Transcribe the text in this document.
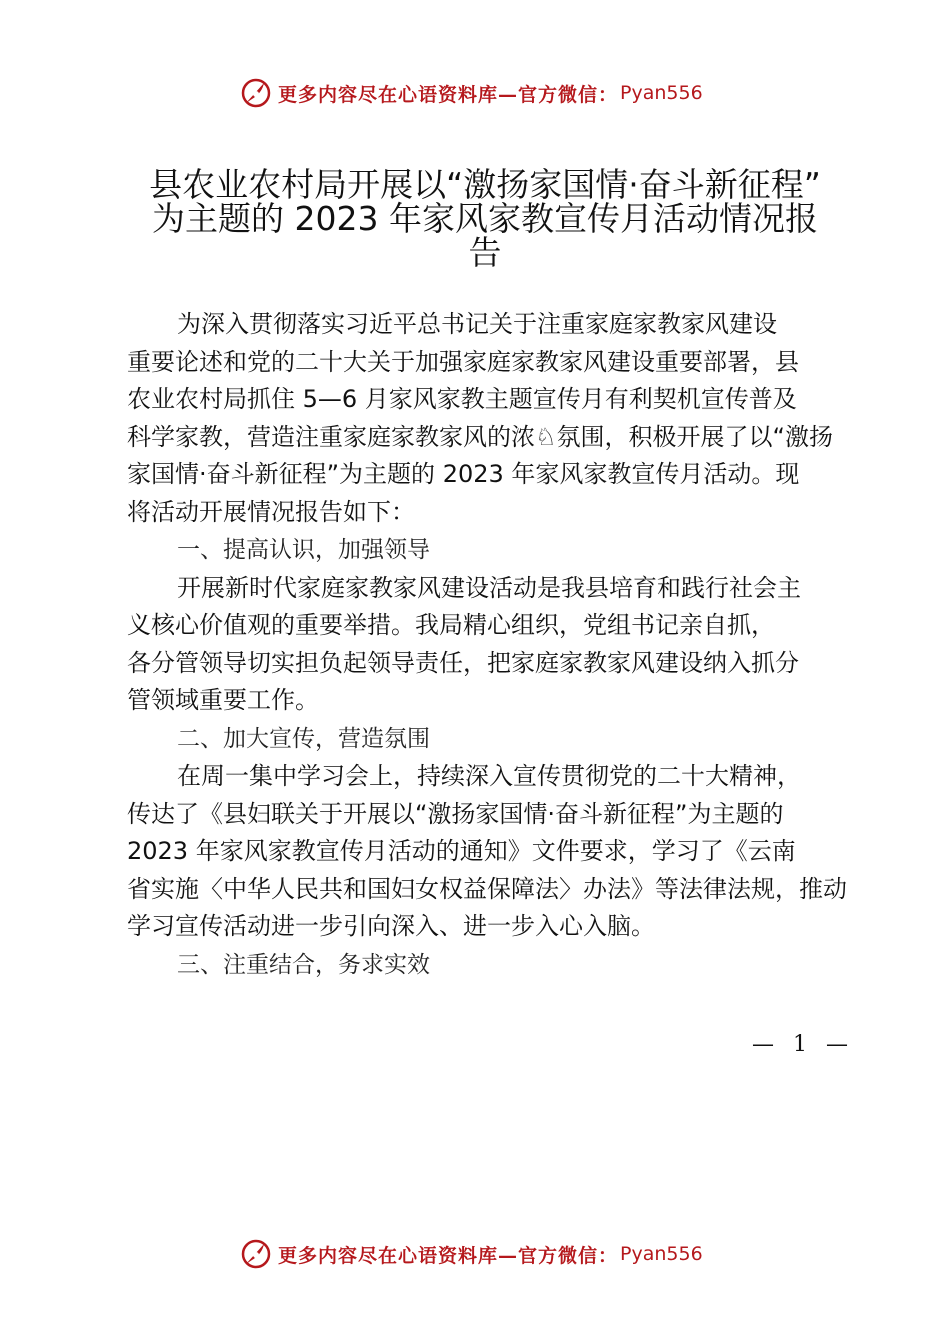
更多内容尽在心语资料库—官方微信： Pyan556
县农业农村局开展以“激扬家国情·奋斗新征程”
为主题的 2023 年家风家教宣传月活动情况报
告
为深入贯彻落实习近平总书记关于注重家庭家教家风建设
重要论述和党的二十大关于加强家庭家教家风建设重要部署，县
农业农村局抓住 5—6 月家风家教主题宣传月有利契机宣传普及
科学家教，营造注重家庭家教家风的浓♘氛围，积极开展了以“激扬
家国情·奋斗新征程”为主题的 2023 年家风家教宣传月活动。现
将活动开展情况报告如下：
一、提高认识，加强领导
开展新时代家庭家教家风建设活动是我县培育和践行社会主
义核心价值观的重要举措。我局精心组织，党组书记亲自抓，
各分管领导切实担负起领导责任，把家庭家教家风建设纳入抓分
管领域重要工作。
二、加大宣传，营造氛围
在周一集中学习会上，持续深入宣传贯彻党的二十大精神，
传达了《县妇联关于开展以“激扬家国情·奋斗新征程”为主题的
2023 年家风家教宣传月活动的通知》文件要求，学习了《云南
省实施〈中华人民共和国妇女权益保障法〉办法》等法律法规，推动
学习宣传活动进一步引向深入、进一步入心入脑。
三、注重结合，务求实效
— 1 —
更多内容尽在心语资料库—官方微信： Pyan556
